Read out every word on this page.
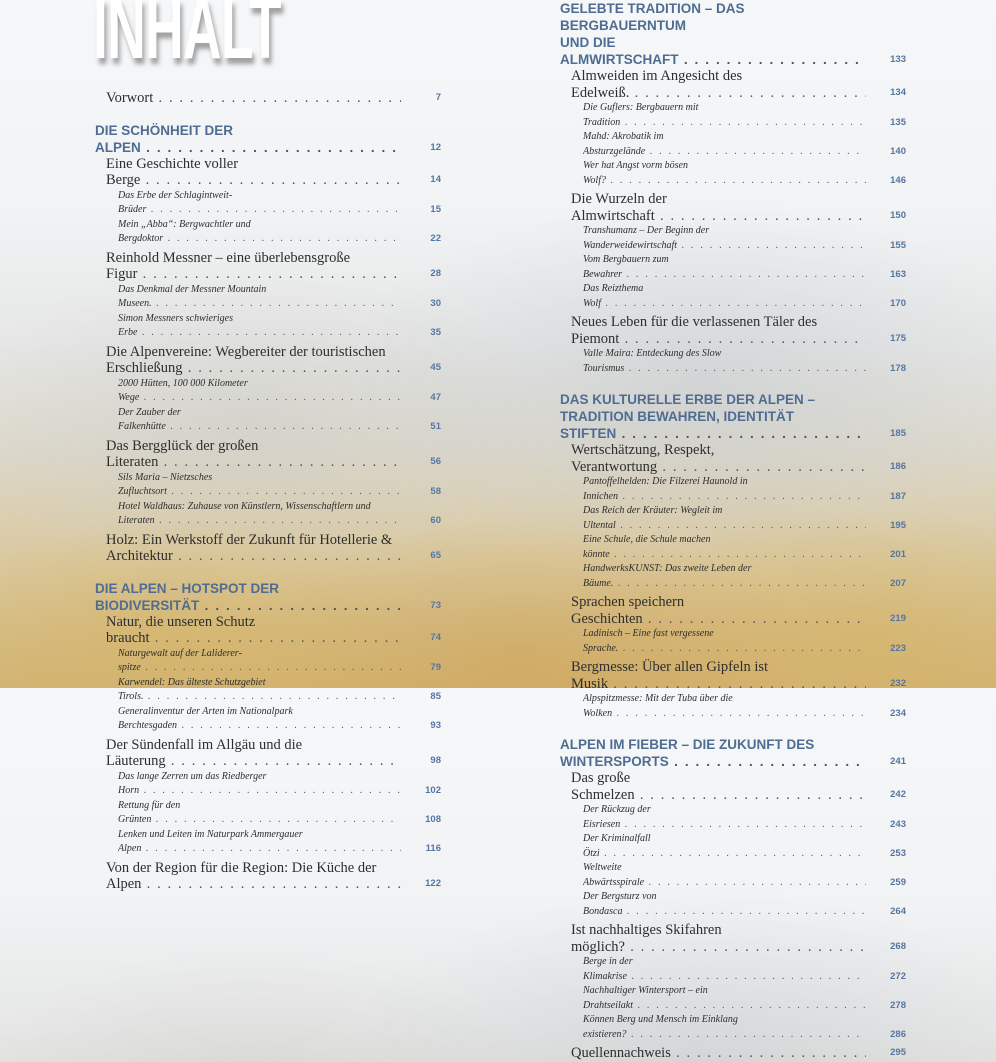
INHALT
Vorwort . . .	7
DIE SCHÖNHEIT DER ALPEN . . .	12
Eine Geschichte voller Berge . . .	14
Das Erbe der Schlagintweit-Brüder . . .	15
Mein „Abba“: Bergwachtler und Bergdoktor . . .	22
Reinhold Messner – eine überlebensgroße Figur . . .	28
Das Denkmal der Messner Mountain Museen. . . .	30
Simon Messners schwieriges Erbe . . .	35
Die Alpenvereine: Wegbereiter der touristischen
Erschließung . . .	45
2000 Hütten, 100 000 Kilometer Wege . . .	47
Der Zauber der Falkenhütte . . .	51
Das Bergglück der großen Literaten . . .	56
Sils Maria – Nietzsches Zufluchtsort . . .	58
Hotel Waldhaus: Zuhause von Künstlern, Wissenschaftlern und
Literaten . . .	60
Holz: Ein Werkstoff der Zukunft für Hotellerie &
Architektur . . .	65
DIE ALPEN – HOTSPOT DER BIODIVERSITÄT . . .	73
Natur, die unseren Schutz braucht . . .	74
Naturgewalt auf der Lalidererspitze . . .	79
Karwendel: Das älteste Schutzgebiet Tirols. . . .	85
Generalinventur der Arten im Nationalpark Berchtesgaden . . .	93
Der Sündenfall im Allgäu und die Läuterung . . .	98
Das lange Zerren um das Riedberger Horn . . .	102
Rettung für den Grünten . . .	108
Lenken und Leiten im Naturpark Ammergauer Alpen . . .	116
Von der Region für die Region: Die Küche der
Alpen . . .	122
GELEBTE TRADITION – DAS BERGBAUERNTUM
UND DIE ALMWIRTSCHAFT . . .	133
Almweiden im Angesicht des Edelweiß. . . .	134
Die Guflers: Bergbauern mit Tradition . . .	135
Mahd: Akrobatik im Absturzgelände . . .	140
Wer hat Angst vorm bösen Wolf? . . .	146
Die Wurzeln der Almwirtschaft . . .	150
Transhumanz – Der Beginn der Wanderweidewirtschaft . . .	155
Vom Bergbauern zum Bewahrer . . .	163
Das Reizthema Wolf . . .	170
Neues Leben für die verlassenen Täler des Piemont . . .	175
Valle Maira: Entdeckung des Slow Tourismus . . .	178
DAS KULTURELLE ERBE DER ALPEN –
TRADITION BEWAHREN, IDENTITÄT STIFTEN . . .	185
Wertschätzung, Respekt, Verantwortung . . .	186
Pantoffelhelden: Die Filzerei Haunold in Innichen . . .	187
Das Reich der Kräuter: Wegleit im Ultental . . .	195
Eine Schule, die Schule machen könnte . . .	201
HandwerksKUNST: Das zweite Leben der Bäume. . . .	207
Sprachen speichern Geschichten . . .	219
Ladinisch – Eine fast vergessene Sprache. . . .	223
Bergmesse: Über allen Gipfeln ist Musik . . .	232
Alpspitzmesse: Mit der Tuba über die Wolken . . .	234
ALPEN IM FIEBER – DIE ZUKUNFT DES
WINTERSPORTS . . .	241
Das große Schmelzen . . .	242
Der Rückzug der Eisriesen . . .	243
Der Kriminalfall Ötzi . . .	253
Weltweite Abwärtsspirale . . .	259
Der Bergsturz von Bondasca . . .	264
Ist nachhaltiges Skifahren möglich? . . .	268
Berge in der Klimakrise . . .	272
Nachhaltiger Wintersport – ein Drahtseilakt . . .	278
Können Berg und Mensch im Einklang existieren? . . .	286
Quellennachweis . . .	295
